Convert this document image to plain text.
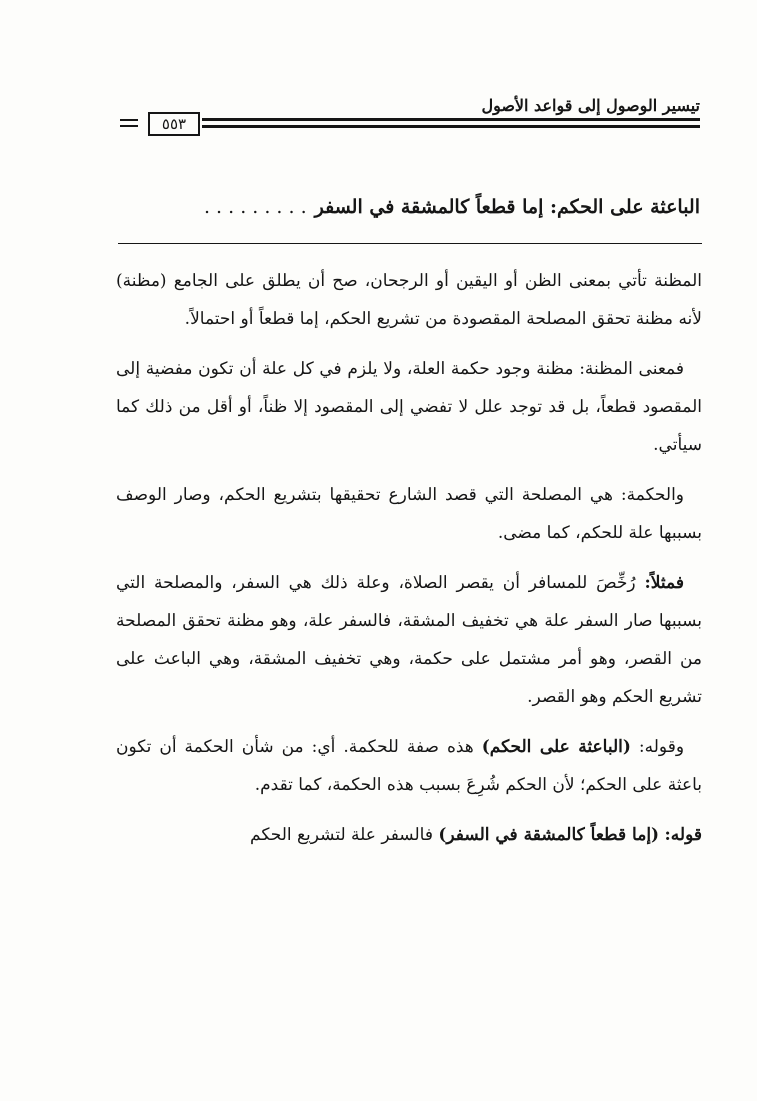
تيسير الوصول إلى قواعد الأصول
٥٥٣
الباعثة على الحكم: إما قطعاً كالمشقة في السفر. . . . . . . . .

المظنة تأتي بمعنى الظن أو اليقين أو الرجحان، صح أن يطلق على الجامع (مظنة) لأنه مظنة تحقق المصلحة المقصودة من تشريع الحكم، إما قطعاً أو احتمالاً.

فمعنى المظنة: مظنة وجود حكمة العلة، ولا يلزم في كل علة أن تكون مفضية إلى المقصود قطعاً، بل قد توجد علل لا تفضي إلى المقصود إلا ظناً، أو أقل من ذلك كما سيأتي.

والحكمة: هي المصلحة التي قصد الشارع تحقيقها بتشريع الحكم، وصار الوصف بسببها علة للحكم، كما مضى.

فمثلاً: رُخِّصَ للمسافر أن يقصر الصلاة، وعلة ذلك هي السفر، والمصلحة التي بسببها صار السفر علة هي تخفيف المشقة، فالسفر علة، وهو مظنة تحقق المصلحة من القصر، وهو أمر مشتمل على حكمة، وهي تخفيف المشقة، وهي الباعث على تشريع الحكم وهو القصر.

وقوله: (الباعثة على الحكم) هذه صفة للحكمة. أي: من شأن الحكمة أن تكون باعثة على الحكم؛ لأن الحكم شُرِعَ بسبب هذه الحكمة، كما تقدم.

قوله: (إما قطعاً كالمشقة في السفر) فالسفر علة لتشريع الحكم
